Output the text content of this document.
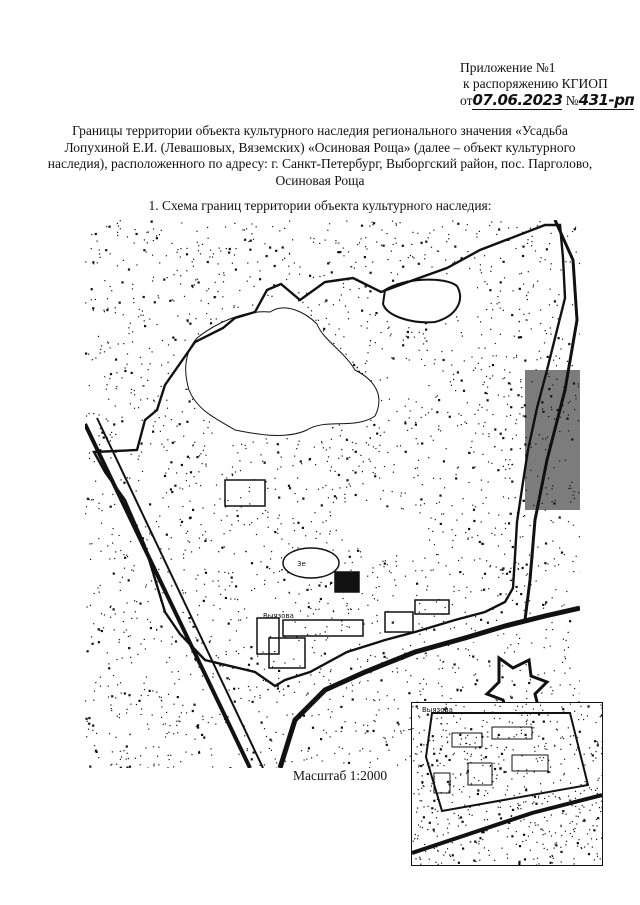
Приложение №1
к распоряжению КГИОП
от07.06.2023 №431-рп
Границы территории объекта культурного наследия регионального значения «Усадьба Лопухиной Е.И. (Левашовых, Вяземских) «Осиновая Роща» (далее – объект культурного наследия), расположенного по адресу: г. Санкт-Петербург, Выборгский район, пос. Парголово, Осиновая Роща
1. Схема границ территории объекта культурного наследия:
Выязова
Зе
Масштаб 1:2000
Выязова
